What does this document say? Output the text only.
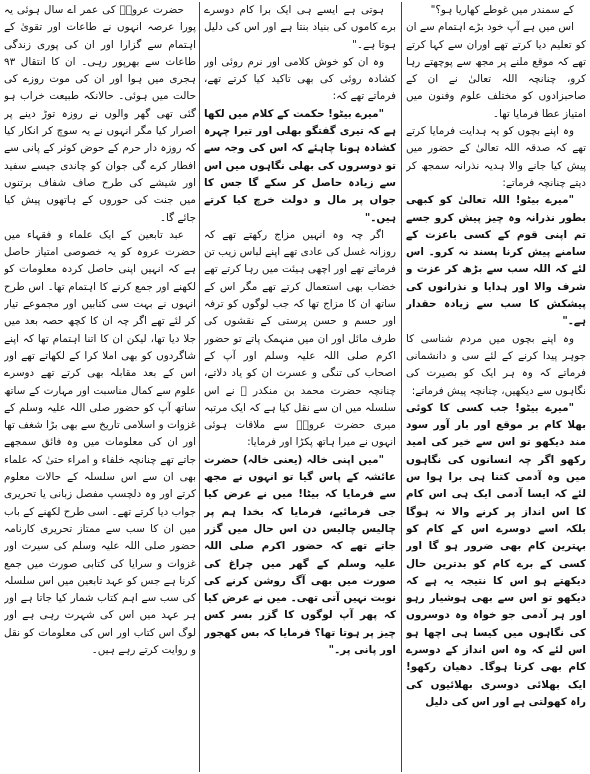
کے سمندر میں غوطے کھاریا ہو؟"

اس میں ہے آپ خود بڑے اہتمام سے ان کو تعلیم دیا کرتے تھے اوران سے کہا کرتے تھے کہ موقع ملنے پر مجھ سے پوچھتے رہا کرو، چنانچہ اللہ تعالیٰ نے ان کے صاحبزادوں کو مختلف علوم وفنون میں امتیاز عطا فرمایا تھا۔

وہ اپنے بچوں کو یہ ہدایت فرمایا کرتے تھے کہ صدقہ اللہ تعالیٰ کے حضور میں پیش کیا جانے والا ہدیہ نذرانہ سمجھ کر دیتے چنانچہ فرماتے:

"میرے بیٹو! اللہ تعالیٰ کو کبھی بطور نذرانہ وہ چیز پیش کرو جسے تم اپنی قوم کے کسی باعزت کے سامنے پیش کرنا پسند نہ کرو۔ اس لئے کہ اللہ سب سے بڑھ کر عزت و شرف والا اور ہدایا و نذرانوں کی پیشکش کا سب سے زیادہ حقدار ہے۔"

وہ اپنے بچوں میں مردم شناسی کا جوہر پیدا کرنے کے لئے سی و دانشمانی فرماتے کہ وہ ہر ایک کو بصیرت کی نگاہوں سے دیکھیں، چنانچہ پیش فرماتے:

"میرے بیٹو! جب کسی کا کوئی بھلا کام بر موقع اور بار آور سود مند دیکھو تو اس سے خیر کی امید رکھو اگر چہ انسانوں کی نگاہوں میں وہ آدمی کتنا ہی برا ہوا س لئے کہ ایسا آدمی ایک ہی اس کام کا اس انداز پر کرنے والا نہ ہوگا بلکہ اسے دوسرے اس کے کام کو بہترین کام بھی ضرور ہو گا اور کسی کے برے کام کو بدترین حال دیکھتے ہو اس کا نتیجہ یہ ہے کہ دیکھو تو اس سے بھی ہوشیار رہو اور ہر آدمی جو خواہ وہ دوسروں کی نگاہوں میں کیسا ہی اچھا ہو اس لئے کہ وہ اس انداز کے دوسرے کام بھی کرتا ہوگا۔ دھیان رکھو! ایک بھلائی دوسری بھلائیوں کی راہ کھولتی ہے اور اس کی دلیل

ہوتی ہے ایسے ہی ایک برا کام دوسرے برے کاموں کی بنیاد بنتا ہے اور اس کی دلیل ہوتا ہے۔"

وہ ان کو خوش کلامی اور نرم روئی اور کشادہ روئی کی بھی تاکید کیا کرتے تھے، فرماتے تھے کہ:

"میرے بیٹو! حکمت کے کلام میں لکھا ہے کہ تیری گفتگو بھلی اور تیرا چہرہ کشادہ ہونا چاہئے کہ اس کی وجہ سے تو دوسروں کی بھلی نگاہوں میں اس سے زیادہ حاصل کر سکے گا جس کا جواں پر مال و دولت خرچ کیا کرتے ہیں۔"

اگر چہ وہ انہیں مزاج رکھتے تھے کہ روزانہ غسل کی عادی تھے اپنے لباس زیب تن فرماتے تھے اور اچھی ہیئت میں رہا کرتے تھے خضاب بھی استعمال کرتے تھے مگر اس کے ساتھ ان کا مزاج تھا کہ جب لوگوں کو ترفہ اور حسم و حسن پرستی کے نقشوں کی طرف مائل اور ان میں منہمک پاتے تو حضور اکرم صلی اللہ علیہ وسلم اور آپ کے اصحاب کی تنگی و عسرت ان کو یاد دلاتے، چنانچہ حضرت محمد بن منکدر ؓ نے اس سلسلہ میں ان سے نقل کیا ہے کہ ایک مرتبہ میری حضرت عروہؓ سے ملاقات ہوئی انہوں نے میرا ہاتھ پکڑا اور فرمایا:

"میں اپنی خالہ (یعنی خالہ) حضرت عائشہ کے پاس گیا تو انہوں نے مجھ سے فرمایا کہ بیٹا! میں نے عرض کیا جی فرمائیے، فرمایا کہ بخدا ہم پر چالیس چالیس دن اس حال میں گزر جاتے تھے کہ حضور اکرم صلی اللہ علیہ وسلم کے گھر میں چراغ کی صورت میں بھی آگ روشن کرنے کی نوبت نہیں آتی تھی۔ میں نے عرض کیا کہ پھر آپ لوگوں کا گزر بسر کس چیز پر ہوتا تھا؟ فرمایا کہ بس کھجور اور پانی پر۔"

حضرت عروہؓ کی عمر اے سال ہوئی یہ پورا عرصہ انہوں نے طاعات اور تقویٰ کے اہتمام سے گزارا اور ان کی پوری زندگی طاعات سے بھرپور رہی۔ ان کا انتقال ۹۳ ہجری میں ہوا اور ان کی موت روزے کی حالت میں ہوئی۔ حالانکہ طبیعت خراب ہو گئی تھی گھر والوں نے روزہ توڑ دینے پر اصرار کیا مگر انہوں نے یہ سوچ کر انکار کیا کہ روزہ دار حرم کے حوض کوثر کے پانی سے افطار کرے گی جوان کو چاندی جیسے سفید اور شیشے کی طرح صاف شفاف برتنوں میں جنت کی حوروں کے ہاتھوں پیش کیا جائے گا۔

عبد تابعین کے ایک علماء و فقہاء میں حضرت عروہ کو یہ خصوصی امتیاز حاصل ہے کہ انہیں اپنی حاصل کردہ معلومات کو لکھنے اور جمع کرنے کا اہتمام تھا۔ اس طرح انہوں نے بہت سی کتابیں اور مجموعے تیار کر لئے تھے اگر چہ ان کا کچھ حصہ بعد میں جلا دیا تھا، لیکن ان کا اتنا اہتمام تھا کہ اپنے شاگردوں کو بھی املا کرا کے لکھاتے تھے اور اس کے بعد مقابلہ بھی کرتے تھے دوسرے علوم سے کمال مناسبت اور مہارت کے ساتھ ساتھ آپ کو حضور صلی اللہ علیہ وسلم کے غزوات و اسلامی تاریخ سے بھی بڑا شغف تھا اور ان کی معلومات میں وہ فائق سمجھے جاتے تھے چنانچہ خلفاء و امراء حتیٰ کہ علماء بھی ان سے اس سلسلہ کے حالات معلوم کرتے اور وہ دلچسپ مفصل زبانی یا تحریری جواب دیا کرتے تھے۔ اسی طرح لکھنے کے باب میں ان کا سب سے ممتاز تحریری کارنامہ حضور صلی اللہ علیہ وسلم کی سیرت اور غزوات و سرایا کی کتابی صورت میں جمع کرنا ہے جس کو عہد تابعین میں اس سلسلہ کی سب سے اہم کتاب شمار کیا جاتا ہے اور ہر عہد میں اس کی شہرت رہی ہے اور لوگ اس کتاب اور اس کی معلومات کو نقل و روایت کرتے رہے ہیں۔
